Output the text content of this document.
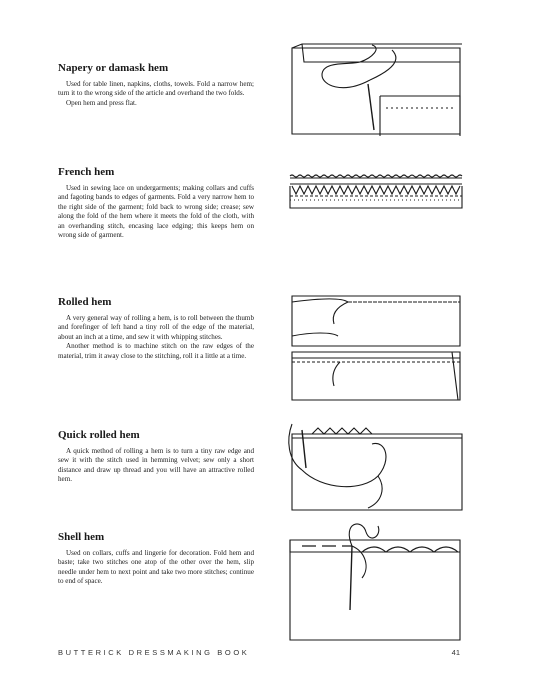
Napery or damask hem

Used for table linen, napkins, cloths, towels. Fold a narrow hem; turn it to the wrong side of the article and overhand the two folds.

Open hem and press flat.

French hem

Used in sewing lace on undergarments; making collars and cuffs and fagoting bands to edges of garments. Fold a very narrow hem to the right side of the garment; fold back to wrong side; crease; sew along the fold of the hem where it meets the fold of the cloth, with an overhanding stitch, encasing lace edging; this keeps hem on wrong side of garment.

Rolled hem

A very general way of rolling a hem, is to roll between the thumb and forefinger of left hand a tiny roll of the edge of the material, about an inch at a time, and sew it with whipping stitches.

Another method is to machine stitch on the raw edges of the material, trim it away close to the stitching, roll it a little at a time.

Quick rolled hem

A quick method of rolling a hem is to turn a tiny raw edge and sew it with the stitch used in hemming velvet; sew only a short distance and draw up thread and you will have an attractive rolled hem.

Shell hem

Used on collars, cuffs and lingerie for decoration. Fold hem and baste; take two stitches one atop of the other over the hem, slip needle under hem to next point and take two more stitches; continue to end of space.

BUTTERICK DRESSMAKING BOOK	41
